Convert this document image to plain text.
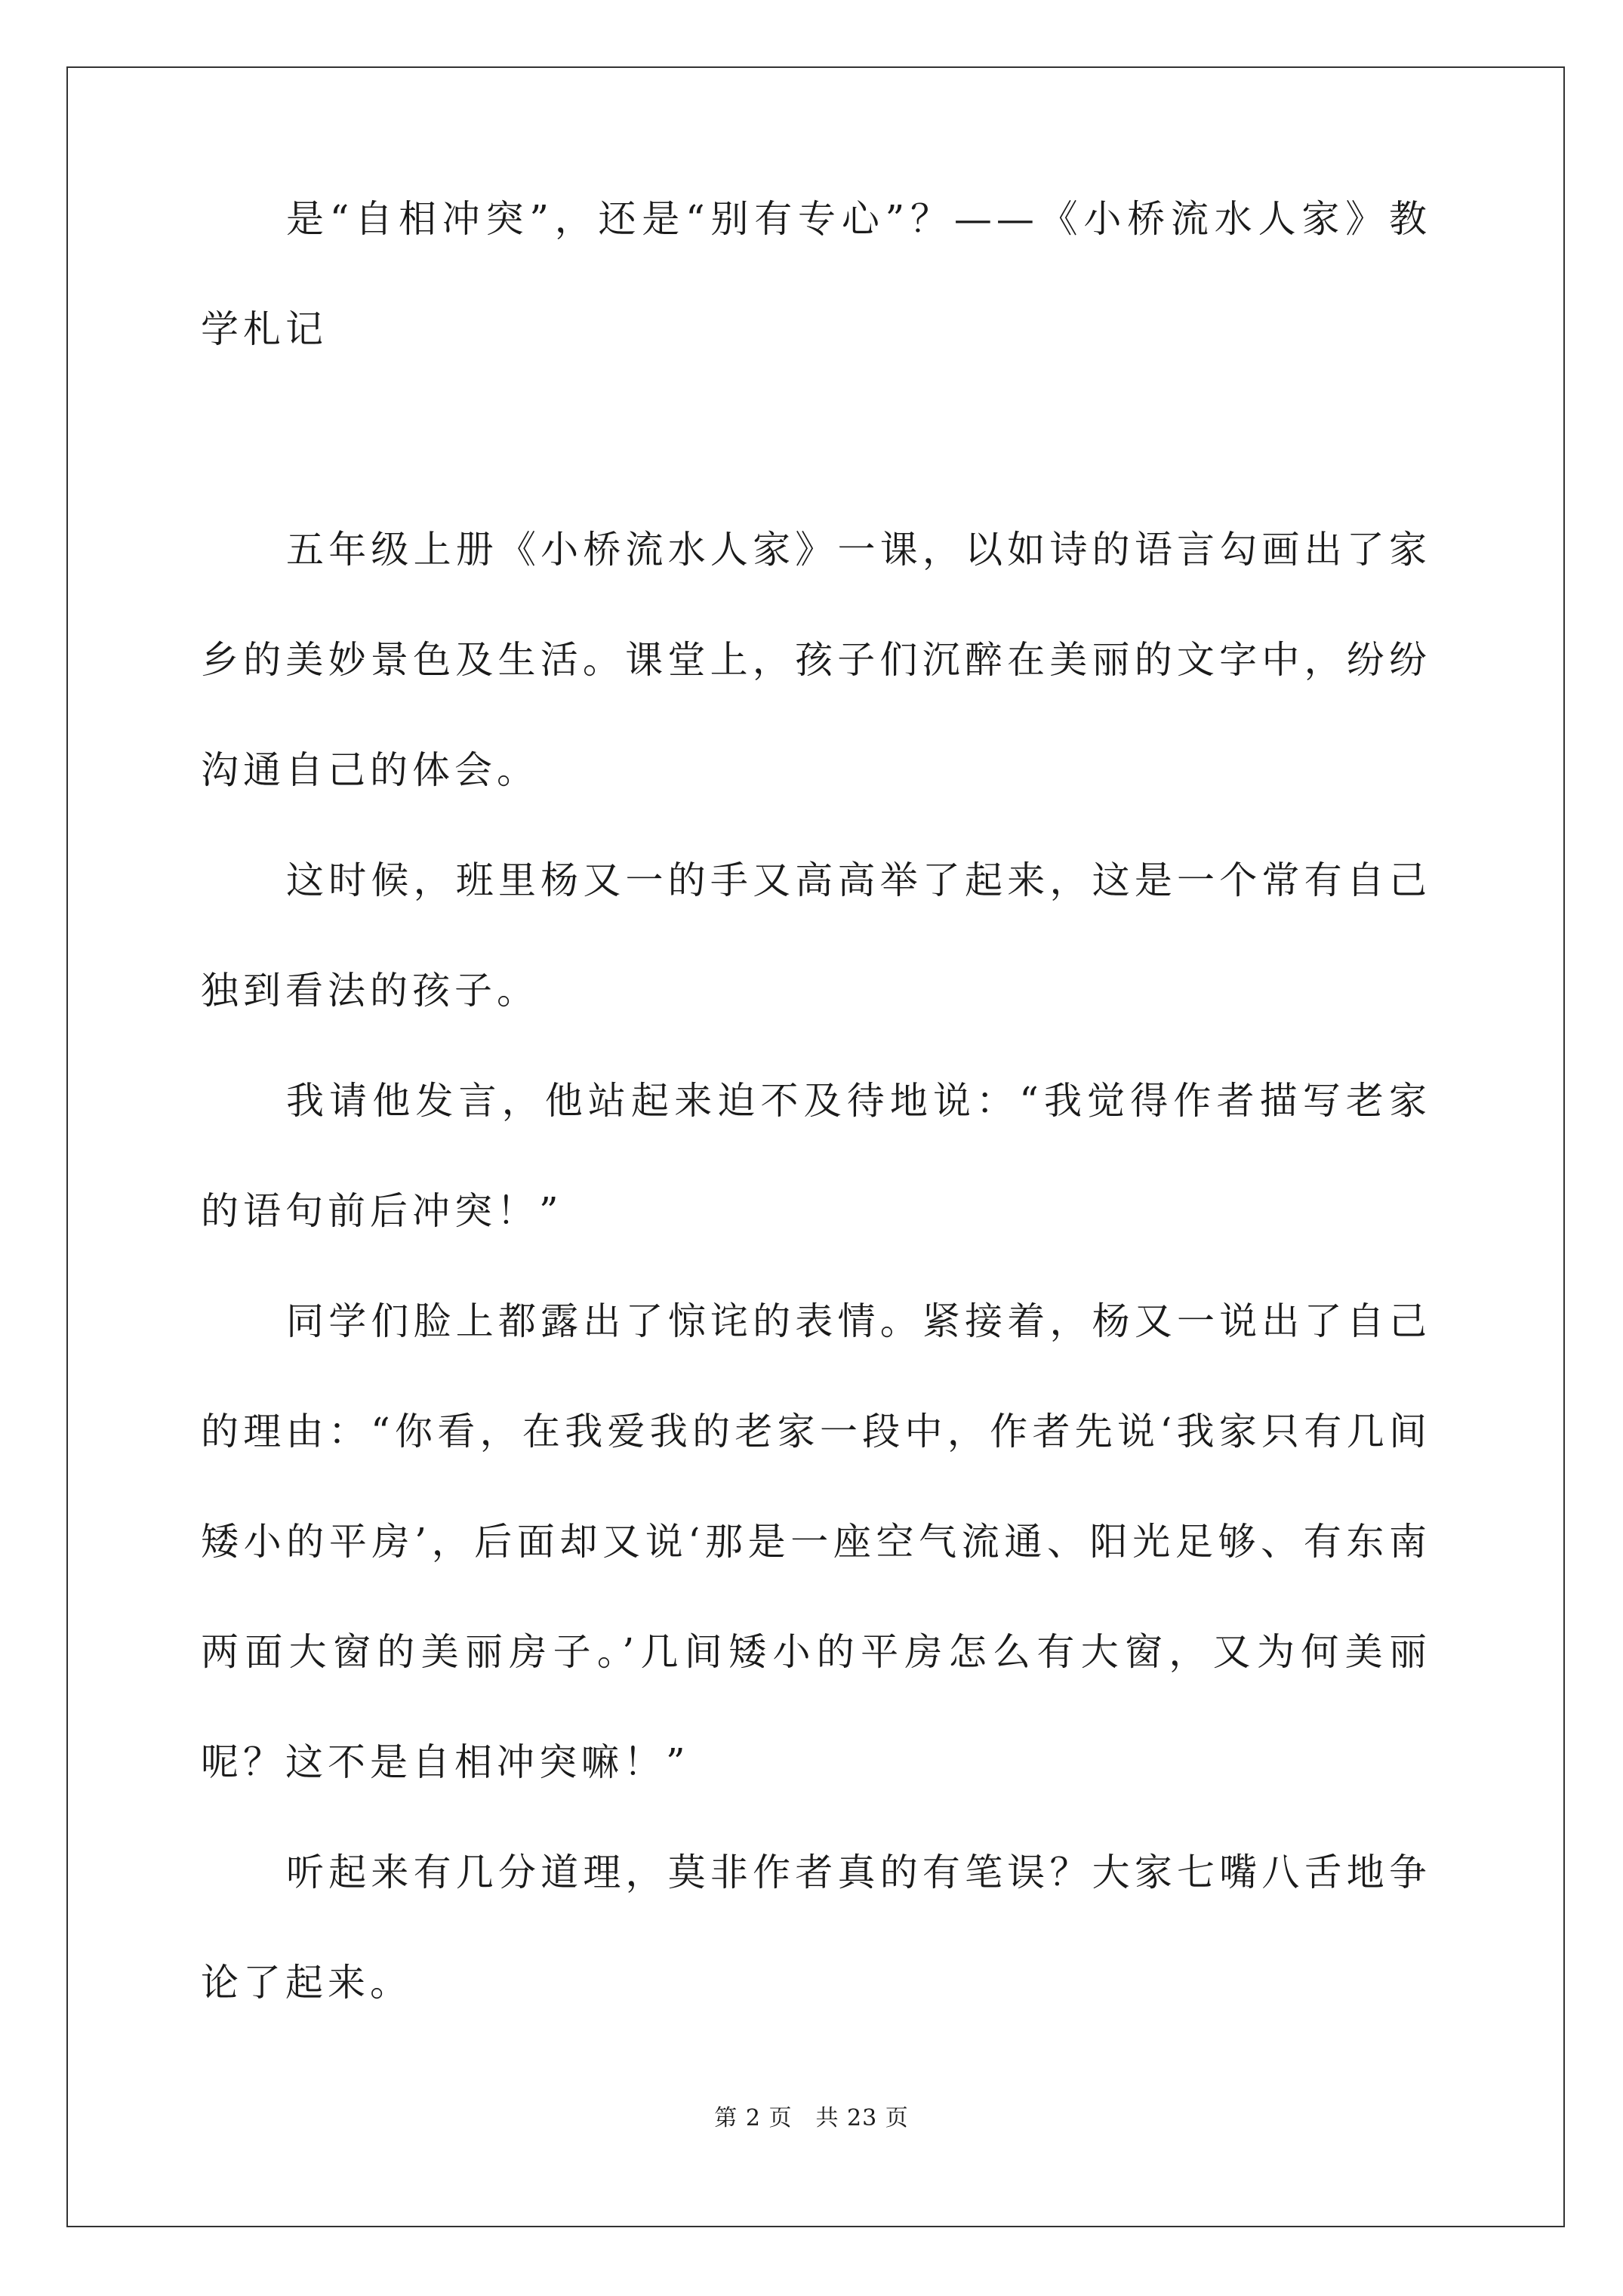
是“自相冲突”，还是“别有专心”？——《小桥流水人家》教学札记

五年级上册《小桥流水人家》一课，以如诗的语言勾画出了家乡的美妙景色及生活。课堂上，孩子们沉醉在美丽的文字中，纷纷沟通自己的体会。

这时候，班里杨又一的手又高高举了起来，这是一个常有自己独到看法的孩子。

我请他发言，他站起来迫不及待地说：“我觉得作者描写老家的语句前后冲突！”

同学们脸上都露出了惊诧的表情。紧接着，杨又一说出了自己的理由：“你看，在我爱我的老家一段中，作者先说‘我家只有几间矮小的平房’，后面却又说‘那是一座空气流通、阳光足够、有东南两面大窗的美丽房子。’几间矮小的平房怎么有大窗，又为何美丽呢？这不是自相冲突嘛！”

听起来有几分道理，莫非作者真的有笔误？大家七嘴八舌地争论了起来。

第 2 页　共 23 页
